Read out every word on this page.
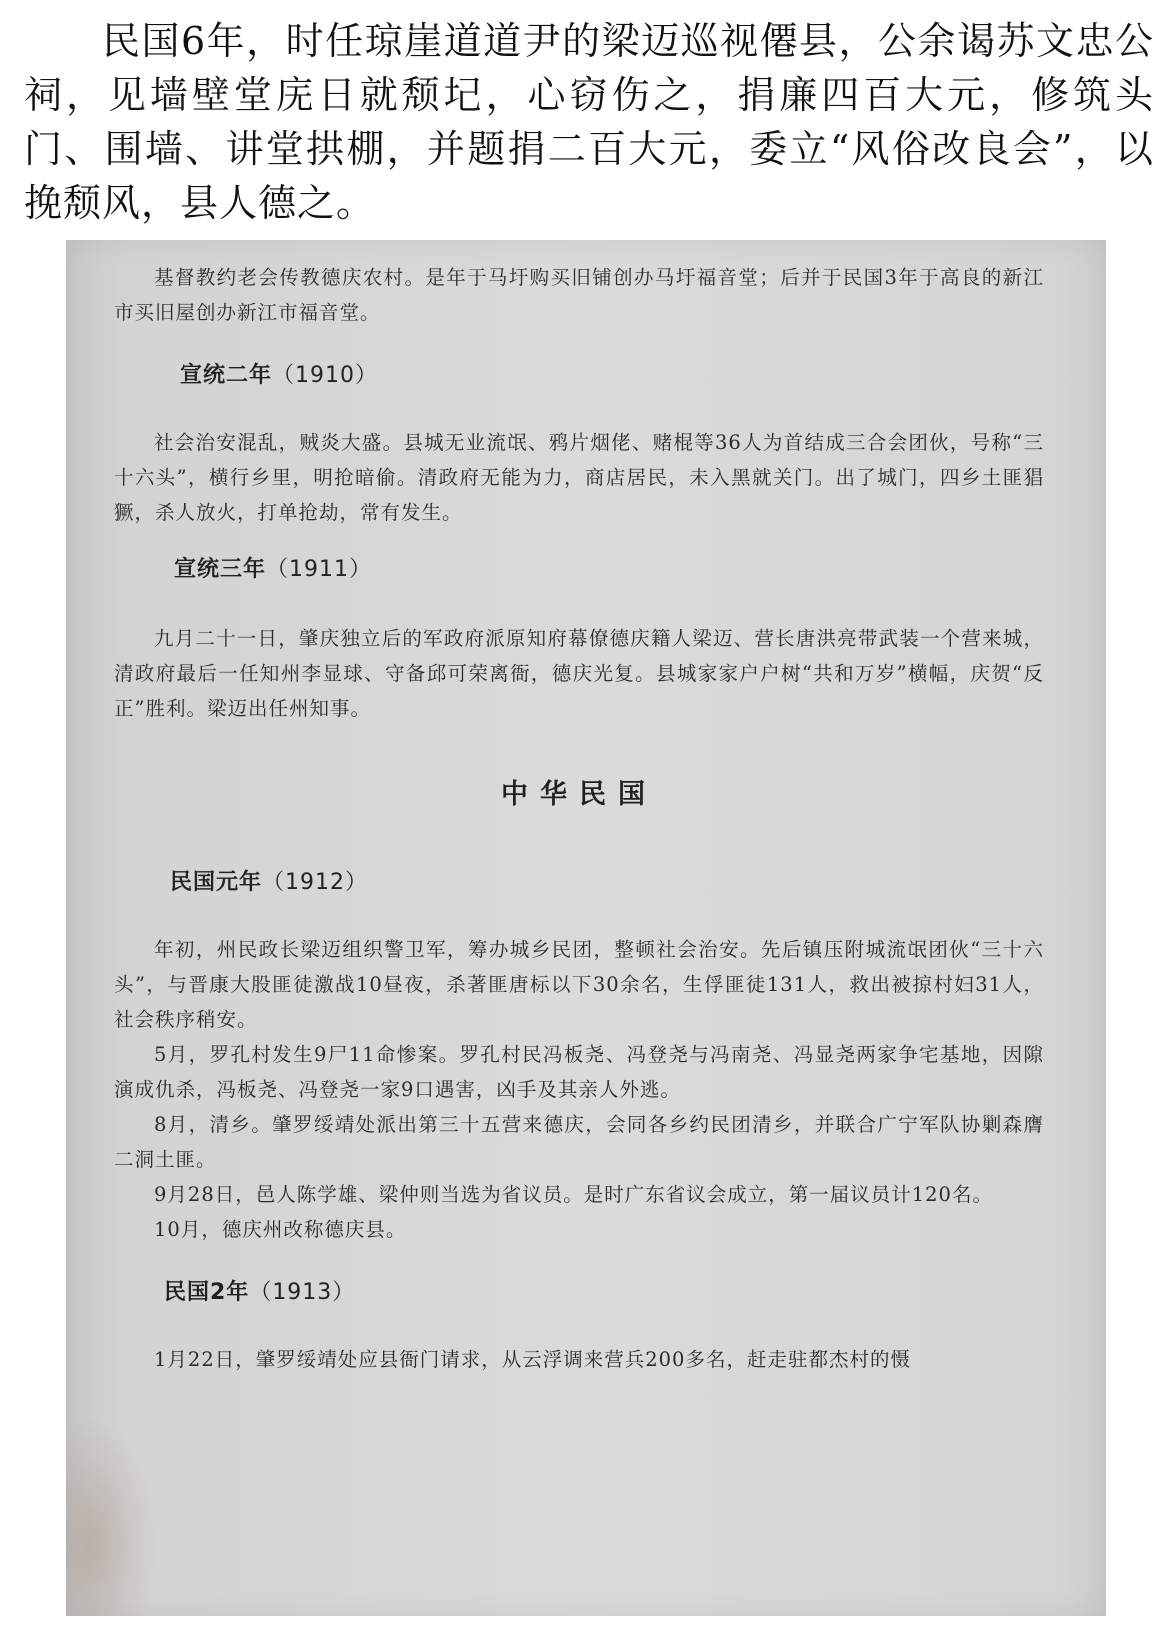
民国6年，时任琼崖道道尹的梁迈巡视僊县，公余谒苏文忠公祠，见墙壁堂庑日就颓圮，心窃伤之，捐廉四百大元，修筑头门、围墙、讲堂拱棚，并题捐二百大元，委立“风俗改良会”，以挽颓风，县人德之。

基督教约老会传教德庆农村。是年于马圩购买旧铺创办马圩福音堂；后并于民国3年于高良的新江市买旧屋创办新江市福音堂。

宣统二年（1910）

社会治安混乱，贼炎大盛。县城无业流氓、鸦片烟佬、赌棍等36人为首结成三合会团伙，号称“三十六头”，横行乡里，明抢暗偷。清政府无能为力，商店居民，未入黑就关门。出了城门，四乡土匪猖獗，杀人放火，打单抢劫，常有发生。

宣统三年（1911）

九月二十一日，肇庆独立后的军政府派原知府幕僚德庆籍人梁迈、营长唐洪亮带武装一个营来城，清政府最后一任知州李显球、守备邱可荣离衙，德庆光复。县城家家户户树“共和万岁”横幅，庆贺“反正”胜利。梁迈出任州知事。

中华民国

民国元年（1912）

年初，州民政长梁迈组织警卫军，筹办城乡民团，整顿社会治安。先后镇压附城流氓团伙“三十六头”，与晋康大股匪徒激战10昼夜，杀著匪唐标以下30余名，生俘匪徒131人，救出被掠村妇31人，社会秩序稍安。

5月，罗孔村发生9尸11命惨案。罗孔村民冯板尧、冯登尧与冯南尧、冯显尧两家争宅基地，因隙演成仇杀，冯板尧、冯登尧一家9口遇害，凶手及其亲人外逃。

8月，清乡。肇罗绥靖处派出第三十五营来德庆，会同各乡约民团清乡，并联合广宁军队协剿森膺二洞土匪。

9月28日，邑人陈学雄、梁仲则当选为省议员。是时广东省议会成立，第一届议员计120名。

10月，德庆州改称德庆县。

民国2年（1913）

1月22日，肇罗绥靖处应县衙门请求，从云浮调来营兵200多名，赶走驻都杰村的慑
